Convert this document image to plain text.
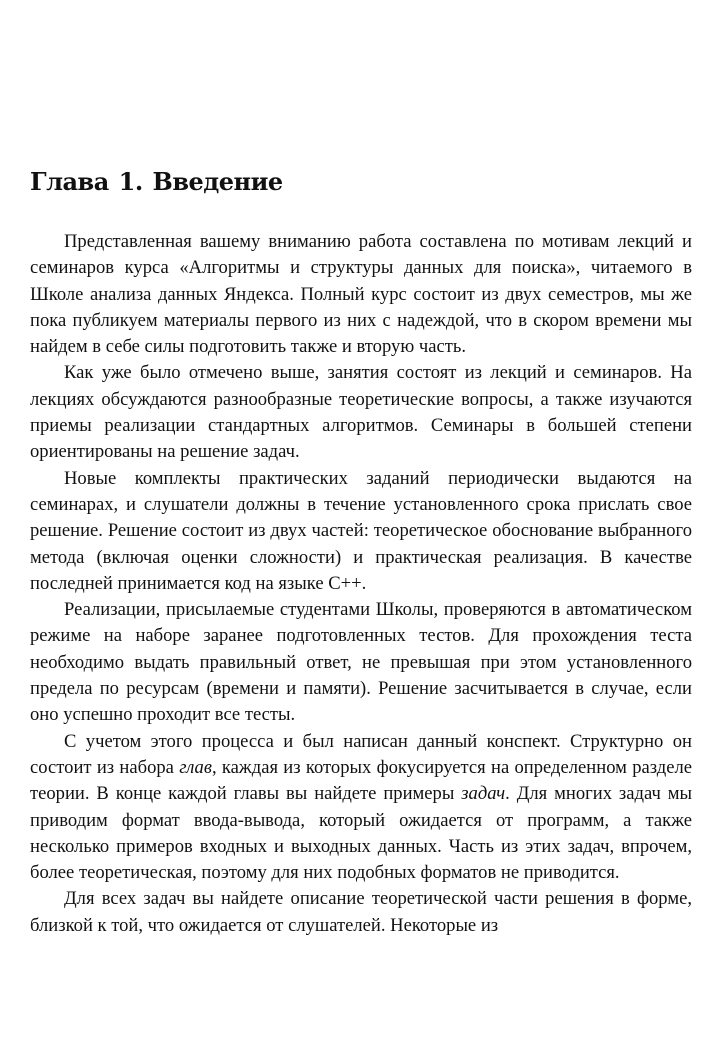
Глава 1. Введение

Представленная вашему вниманию работа составлена по мотивам лекций и семинаров курса «Алгоритмы и структуры данных для поиска», читаемого в Школе анализа данных Яндекса. Полный курс состоит из двух семестров, мы же пока публикуем материалы первого из них с надеждой, что в скором времени мы найдем в себе силы подготовить также и вторую часть.

Как уже было отмечено выше, занятия состоят из лекций и семинаров. На лекциях обсуждаются разнообразные теоретические вопросы, а также изучаются приемы реализации стандартных алгоритмов. Семинары в большей степени ориентированы на решение задач.

Новые комплекты практических заданий периодически выдаются на семинарах, и слушатели должны в течение установленного срока прислать свое решение. Решение состоит из двух частей: теоретическое обоснование выбранного метода (включая оценки сложности) и практическая реализация. В качестве последней принимается код на языке C++.

Реализации, присылаемые студентами Школы, проверяются в автоматическом режиме на наборе заранее подготовленных тестов. Для прохождения теста необходимо выдать правильный ответ, не превышая при этом установленного предела по ресурсам (времени и памяти). Решение засчитывается в случае, если оно успешно проходит все тесты.

С учетом этого процесса и был написан данный конспект. Структурно он состоит из набора глав, каждая из которых фокусируется на определенном разделе теории. В конце каждой главы вы найдете примеры задач. Для многих задач мы приводим формат ввода-вывода, который ожидается от программ, а также несколько примеров входных и выходных данных. Часть из этих задач, впрочем, более теоретическая, поэтому для них подобных форматов не приводится.

Для всех задач вы найдете описание теоретической части решения в форме, близкой к той, что ожидается от слушателей. Некоторые из
